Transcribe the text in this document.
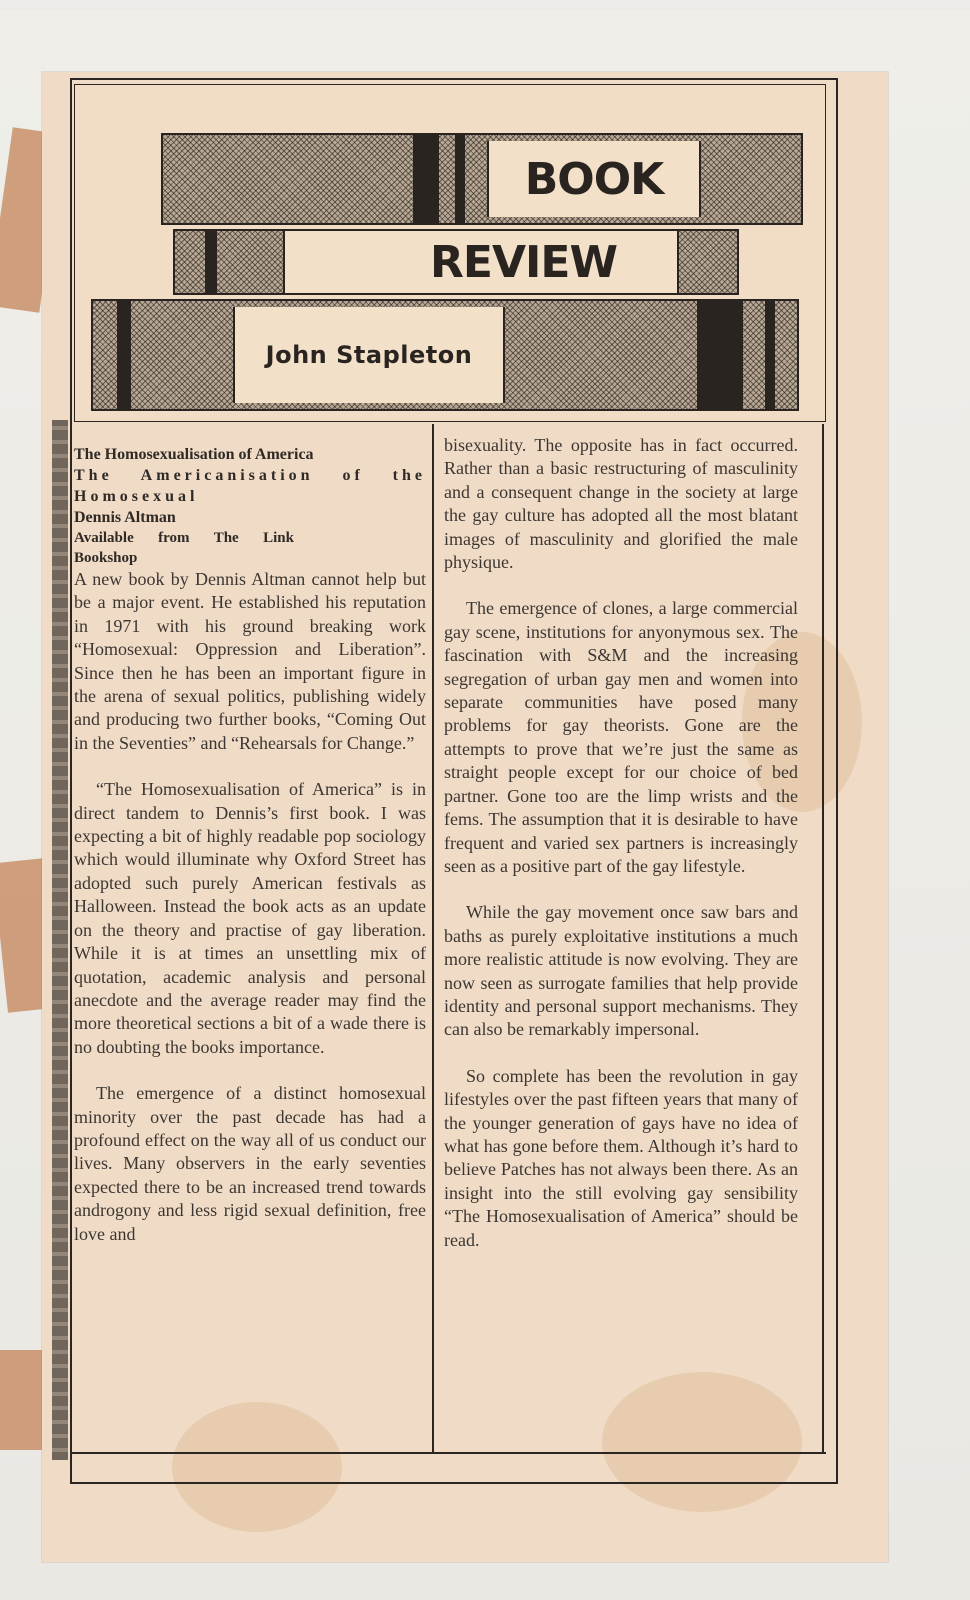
BOOK
REVIEW
John Stapleton

The Homosexualisation of America

The Americanisation of the Homosexual

Dennis Altman

Available from The Link Bookshop

A new book by Dennis Altman cannot help but be a major event. He established his reputation in 1971 with his ground breaking work “Homosexual: Oppression and Liberation”. Since then he has been an important figure in the arena of sexual politics, publishing widely and producing two further books, “Coming Out in the Seventies” and “Rehearsals for Change.”

“The Homosexualisation of America” is in direct tandem to Dennis’s first book. I was expecting a bit of highly readable pop sociology which would illuminate why Oxford Street has adopted such purely American festivals as Halloween. Instead the book acts as an update on the theory and practise of gay liberation. While it is at times an unsettling mix of quotation, academic analysis and personal anecdote and the average reader may find the more theoretical sections a bit of a wade there is no doubting the books importance.

The emergence of a distinct homosexual minority over the past decade has had a profound effect on the way all of us conduct our lives. Many observers in the early seventies expected there to be an increased trend towards androgony and less rigid sexual definition, free love and

bisexuality. The opposite has in fact occurred. Rather than a basic restructuring of masculinity and a consequent change in the society at large the gay culture has adopted all the most blatant images of masculinity and glorified the male physique.

The emergence of clones, a large commercial gay scene, institutions for anyonymous sex. The fascination with S&M and the increasing segregation of urban gay men and women into separate communities have posed many problems for gay theorists. Gone are the attempts to prove that we’re just the same as straight people except for our choice of bed partner. Gone too are the limp wrists and the fems. The assumption that it is desirable to have frequent and varied sex partners is increasingly seen as a positive part of the gay lifestyle.

While the gay movement once saw bars and baths as purely exploitative institutions a much more realistic attitude is now evolving. They are now seen as surrogate families that help provide identity and personal support mechanisms. They can also be remarkably impersonal.

So complete has been the revolution in gay lifestyles over the past fifteen years that many of the younger generation of gays have no idea of what has gone before them. Although it’s hard to believe Patches has not always been there. As an insight into the still evolving gay sensibility “The Homosexualisation of America” should be read.
